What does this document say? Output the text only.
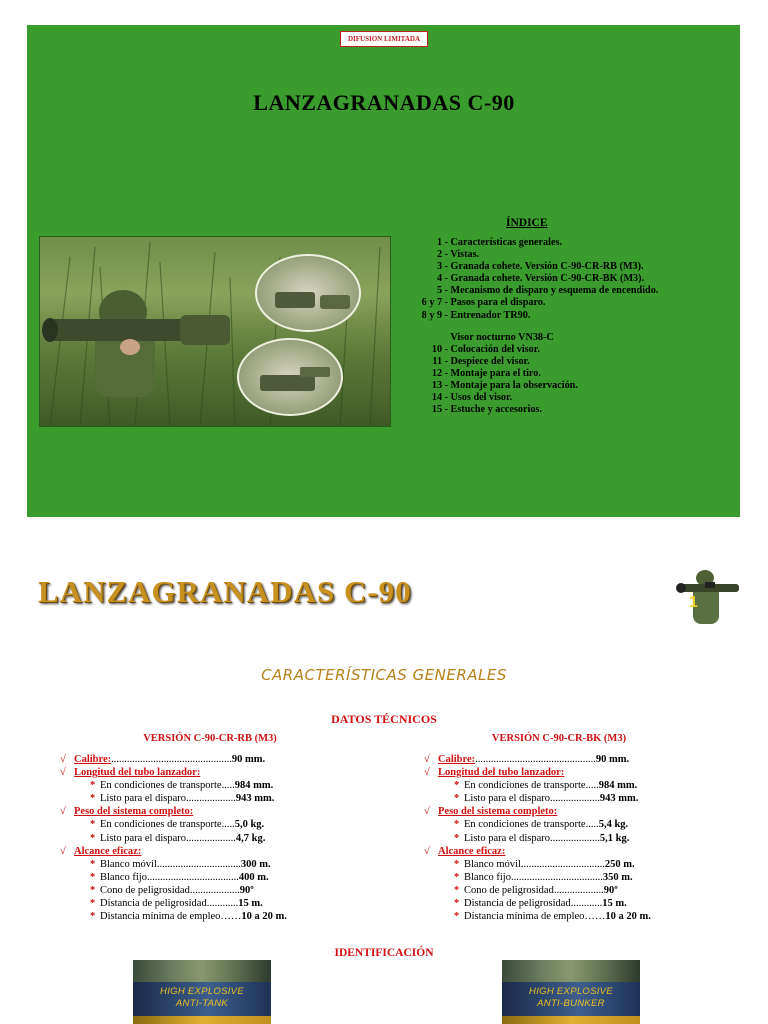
DIFUSION LIMITADA
LANZAGRANADAS C-90
ÍNDICE
1 - Características generales.
2 - Vistas.
3 - Granada cohete. Versión C-90-CR-RB (M3).
4 - Granada cohete. Versión C-90-CR-BK (M3).
5 - Mecanismo de disparo y esquema de encendido.
6 y 7 - Pasos para el disparo.
8 y 9 - Entrenador TR90.
Visor nocturno VN38-C
10 - Colocación del visor.
11 - Despiece del visor.
12 - Montaje para el tiro.
13 - Montaje para la observación.
14 - Usos del visor.
15 - Estuche y accesorios.
LANZAGRANADAS C-90	1
CARACTERÍSTICAS GENERALES
DATOS TÉCNICOS
VERSIÓN C-90-CR-RB (M3)
√ Calibre:..............................................90 mm.
√ Longitud del tubo lanzador:
* En condiciones de transporte.....984 mm.
* Listo para el disparo...................943 mm.
√ Peso del sistema completo:
* En condiciones de transporte.....5,0 kg.
* Listo para el disparo...................4,7 kg.
√ Alcance eficaz:
* Blanco móvil................................300 m.
* Blanco fijo...................................400 m.
* Cono de peligrosidad...................90º
* Distancia de peligrosidad............15 m.
* Distancia mínima de empleo……10 a 20 m.
VERSIÓN C-90-CR-BK (M3)
√ Calibre:..............................................90 mm.
√ Longitud del tubo lanzador:
* En condiciones de transporte.....984 mm.
* Listo para el disparo...................943 mm.
√ Peso del sistema completo:
* En condiciones de transporte.....5,4 kg.
* Listo para el disparo...................5,1 kg.
√ Alcance eficaz:
* Blanco móvil................................250 m.
* Blanco fijo...................................350 m.
* Cono de peligrosidad...................90º
* Distancia de peligrosidad............15 m.
* Distancia mínima de empleo……10 a 20 m.
IDENTIFICACIÓN
HIGH EXPLOSIVE
ANTI-TANK
HIGH EXPLOSIVE
ANTI-BUNKER
